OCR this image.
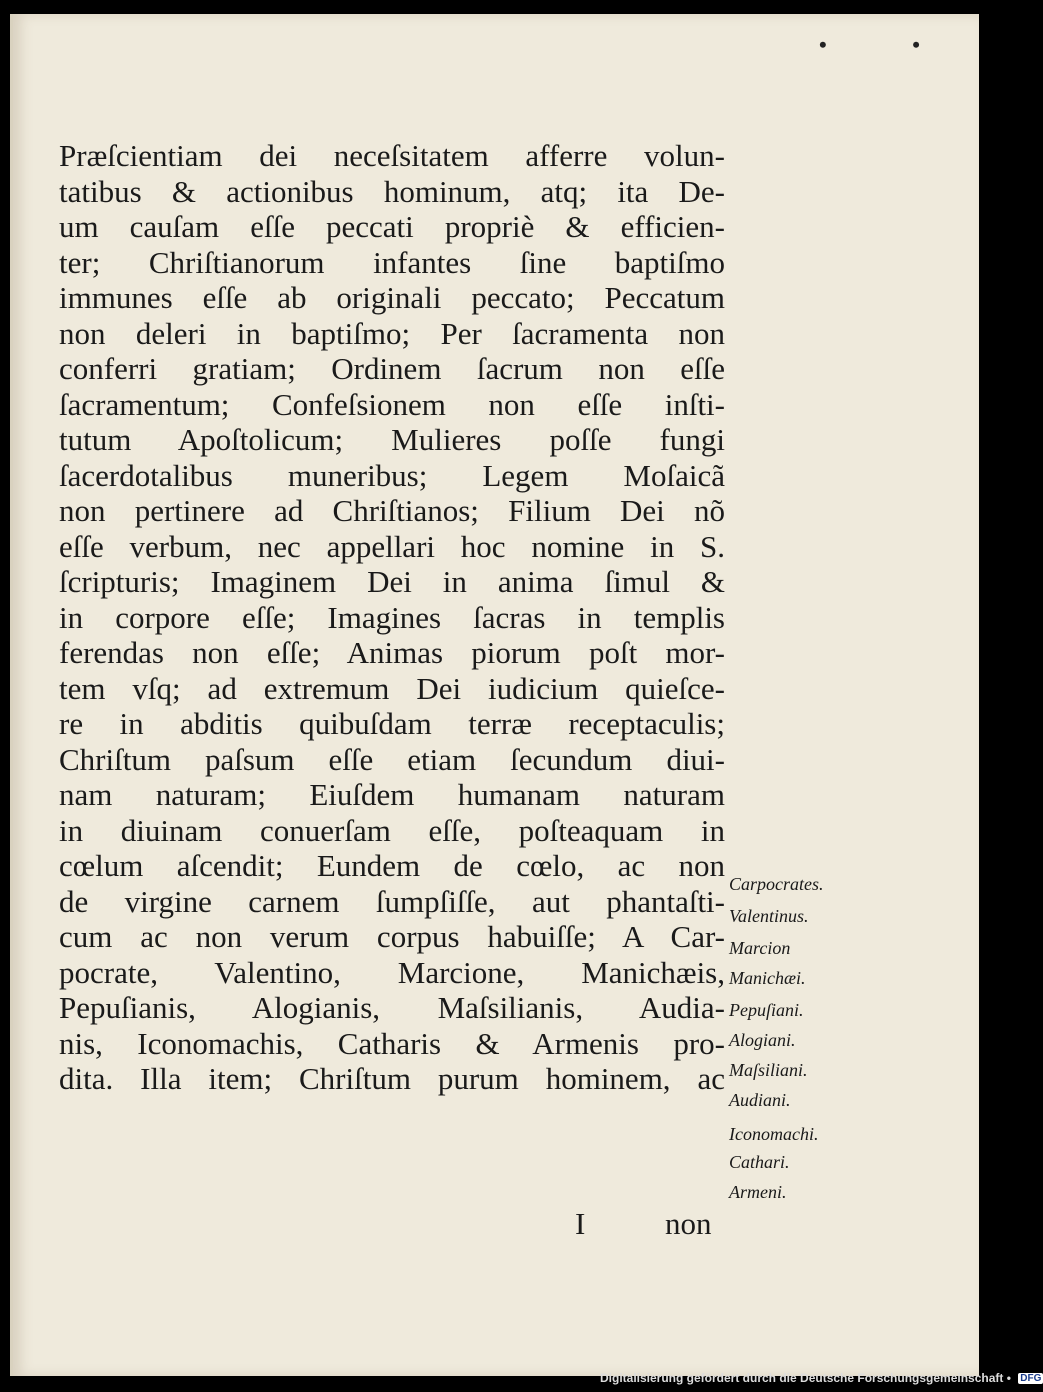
• •
Præſcientiam dei neceſsitatem afferre volun-
tatibus & actionibus hominum, atq; ita De-
um cauſam eſſe peccati propriè & efficien-
ter; Chriſtianorum infantes ſine baptiſmo
immunes eſſe ab originali peccato; Peccatum
non deleri in baptiſmo; Per ſacramenta non
conferri gratiam; Ordinem ſacrum non eſſe
ſacramentum; Confeſsionem non eſſe inſti-
tutum Apoſtolicum; Mulieres poſſe fungi
ſacerdotalibus muneribus; Legem Moſaicã
non pertinere ad Chriſtianos; Filium Dei nõ
eſſe verbum, nec appellari hoc nomine in S.
ſcripturis; Imaginem Dei in anima ſimul &
in corpore eſſe; Imagines ſacras in templis
ferendas non eſſe; Animas piorum poſt mor-
tem vſq; ad extremum Dei iudicium quieſce-
re in abditis quibuſdam terræ receptaculis;
Chriſtum paſsum eſſe etiam ſecundum diui-
nam naturam; Eiuſdem humanam naturam
in diuinam conuerſam eſſe, poſteaquam in
cœlum aſcendit; Eundem de cœlo, ac non
de virgine carnem ſumpſiſſe, aut phantaſti-
cum ac non verum corpus habuiſſe; A Car-
pocrate, Valentino, Marcione, Manichæis,
Pepuſianis, Alogianis, Maſsilianis, Audia-
nis, Iconomachis, Catharis & Armenis pro-
dita. Illa item; Chriſtum purum hominem, ac
Carpocrates.
Valentinus.
Marcion
Manichæi.
Pepuſiani.
Alogiani.
Maſsiliani.
Audiani.
Iconomachi.
Cathari.
Armeni.
I	non
Digitalisierung gefördert durch die Deutsche Forschungsgemeinschaft • DFG
